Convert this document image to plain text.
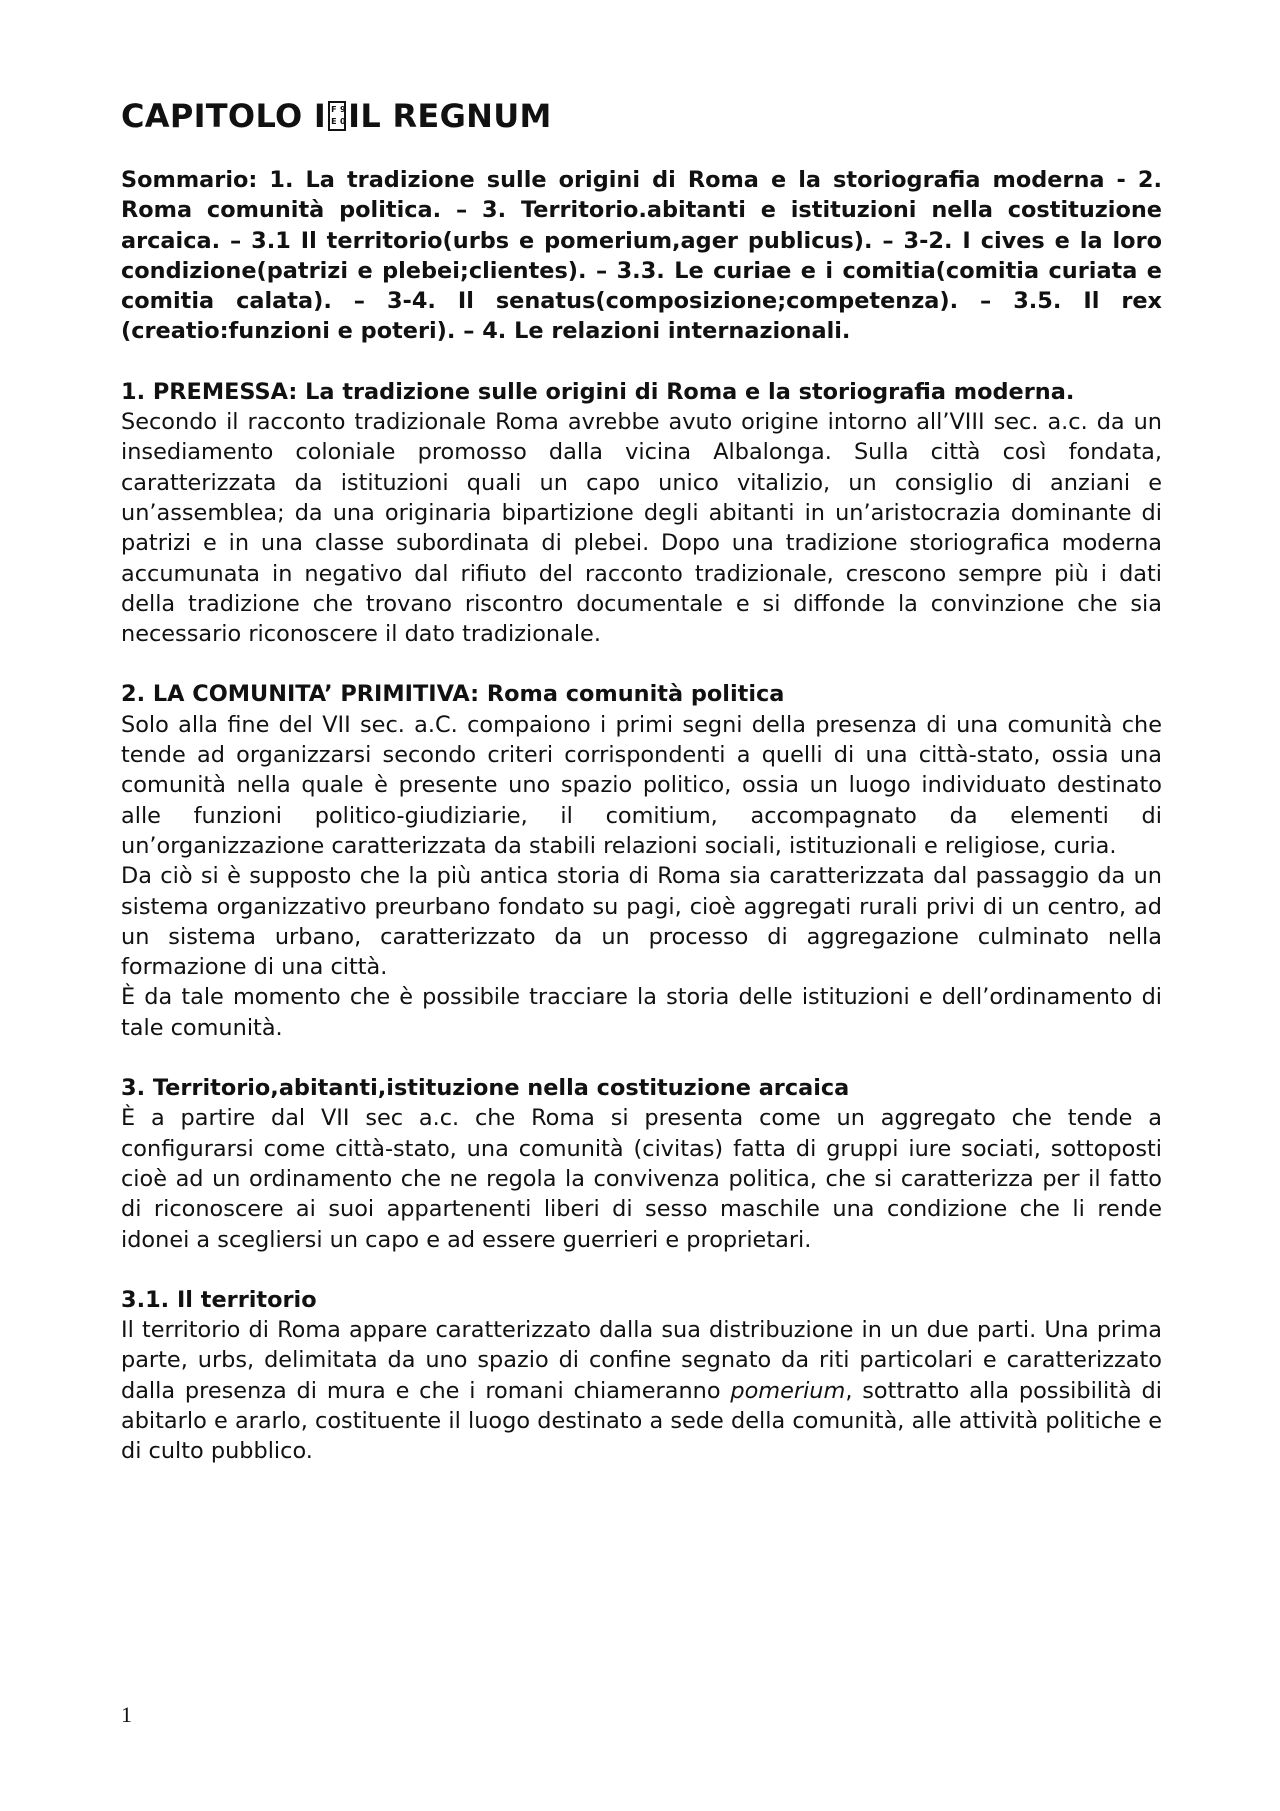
CAPITOLO IF 9 E 0 IL REGNUM

Sommario: 1. La tradizione sulle origini di Roma e la storiografia moderna - 2. Roma comunità politica. – 3. Territorio.abitanti e istituzioni nella costituzione arcaica. – 3.1 Il territorio(urbs e pomerium,ager publicus). – 3-2. I cives e la loro condizione(patrizi e plebei;clientes). – 3.3. Le curiae e i comitia(comitia curiata e comitia calata). – 3-4. Il senatus(composizione;competenza). – 3.5. Il rex (creatio:funzioni e poteri). – 4. Le relazioni internazionali.

1. PREMESSA: La tradizione sulle origini di Roma e la storiografia moderna.

Secondo il racconto tradizionale Roma avrebbe avuto origine intorno all’VIII sec. a.c. da un insediamento coloniale promosso dalla vicina Albalonga. Sulla città così fondata, caratterizzata da istituzioni quali un capo unico vitalizio, un consiglio di anziani e un’assemblea; da una originaria bipartizione degli abitanti in un’aristocrazia dominante di patrizi e in una classe subordinata di plebei. Dopo una tradizione storiografica moderna accumunata in negativo dal rifiuto del racconto tradizionale, crescono sempre più i dati della tradizione che trovano riscontro documentale e si diffonde la convinzione che sia necessario riconoscere il dato tradizionale.

2. LA COMUNITA’ PRIMITIVA: Roma comunità politica

Solo alla fine del VII sec. a.C. compaiono i primi segni della presenza di una comunità che tende ad organizzarsi secondo criteri corrispondenti a quelli di una città-stato, ossia una comunità nella quale è presente uno spazio politico, ossia un luogo individuato destinato alle funzioni politico-giudiziarie, il comitium, accompagnato da elementi di un’organizzazione caratterizzata da stabili relazioni sociali, istituzionali e religiose, curia.

Da ciò si è supposto che la più antica storia di Roma sia caratterizzata dal passaggio da un sistema organizzativo preurbano fondato su pagi, cioè aggregati rurali privi di un centro, ad un sistema urbano, caratterizzato da un processo di aggregazione culminato nella formazione di una città.

È da tale momento che è possibile tracciare la storia delle istituzioni e dell’ordinamento di tale comunità.

3. Territorio,abitanti,istituzione nella costituzione arcaica

È a partire dal VII sec a.c. che Roma si presenta come un aggregato che tende a configurarsi come città-stato, una comunità (civitas) fatta di gruppi iure sociati, sottoposti cioè ad un ordinamento che ne regola la convivenza politica, che si caratterizza per il fatto di riconoscere ai suoi appartenenti liberi di sesso maschile una condizione che li rende idonei a scegliersi un capo e ad essere guerrieri e proprietari.

3.1. Il territorio

Il territorio di Roma appare caratterizzato dalla sua distribuzione in un due parti. Una prima parte, urbs, delimitata da uno spazio di confine segnato da riti particolari e caratterizzato dalla presenza di mura e che i romani chiameranno pomerium, sottratto alla possibilità di abitarlo e ararlo, costituente il luogo destinato a sede della comunità, alle attività politiche e di culto pubblico.

1
